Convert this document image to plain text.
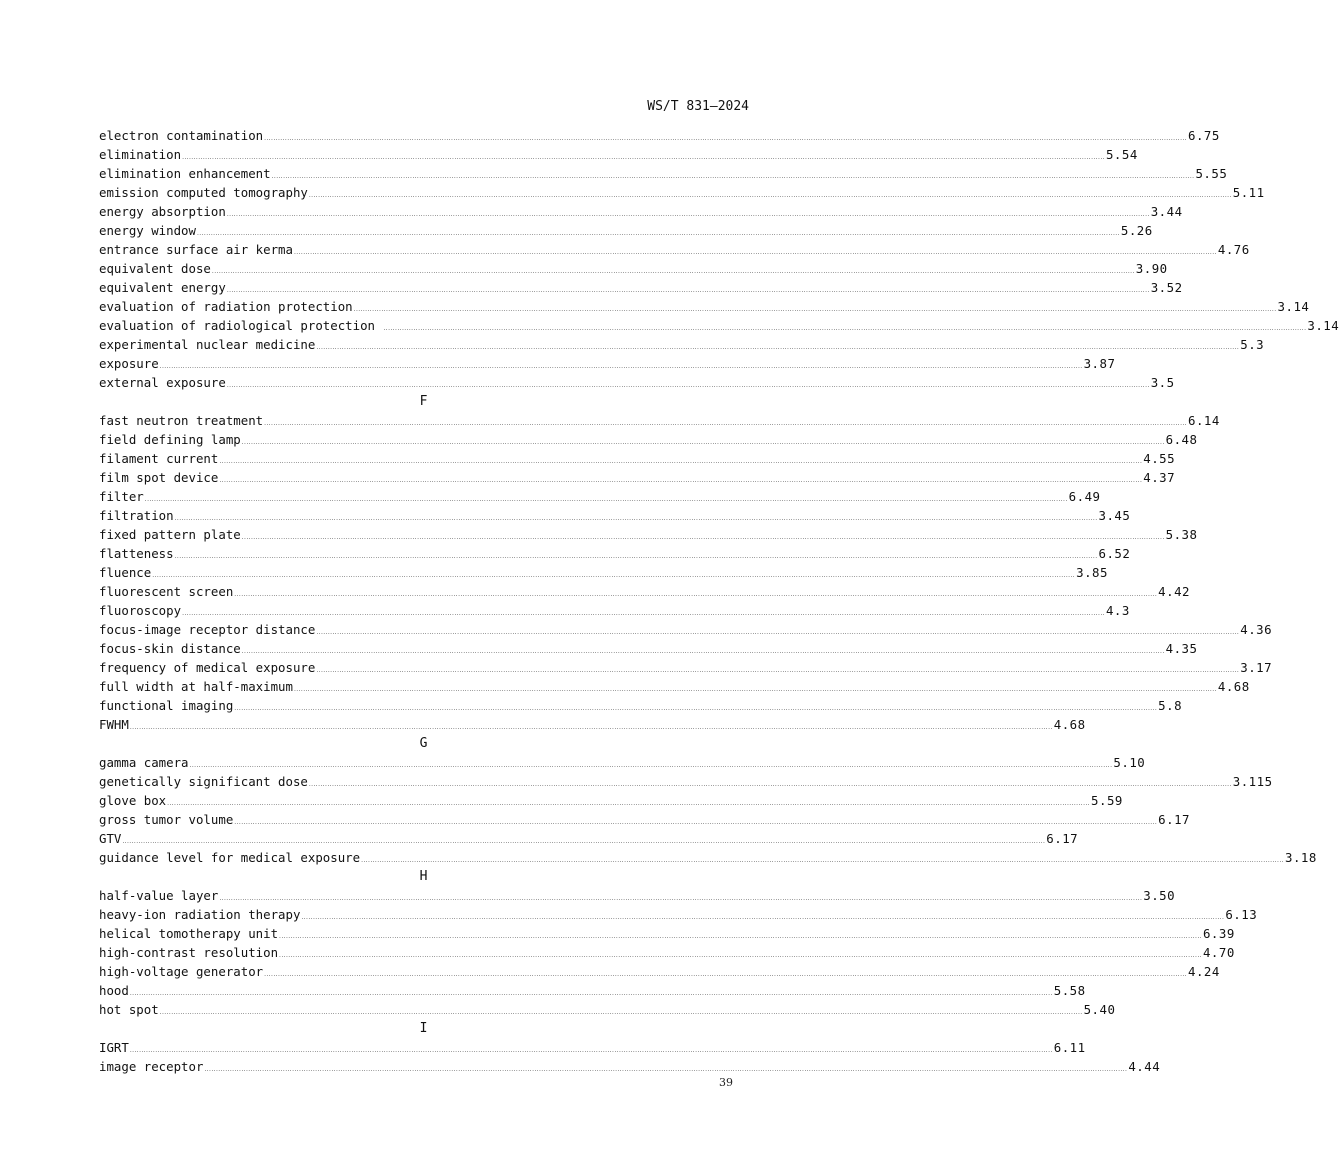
WS/T 831—2024
electron contamination ................................................................................................................................................................................................................................................................................................................................................................................................................ 6.75
elimination ................................................................................................................................................................................................................................................................................................................................................................................................................ 5.54
elimination enhancement ................................................................................................................................................................................................................................................................................................................................................................................................................ 5.55
emission computed tomography ................................................................................................................................................................................................................................................................................................................................................................................................................ 5.11
energy absorption ................................................................................................................................................................................................................................................................................................................................................................................................................ 3.44
energy window ................................................................................................................................................................................................................................................................................................................................................................................................................ 5.26
entrance surface air kerma ................................................................................................................................................................................................................................................................................................................................................................................................................ 4.76
equivalent dose ................................................................................................................................................................................................................................................................................................................................................................................................................ 3.90
equivalent energy ................................................................................................................................................................................................................................................................................................................................................................................................................ 3.52
evaluation of radiation protection ................................................................................................................................................................................................................................................................................................................................................................................................................ 3.14
evaluation of radiological protection ................................................................................................................................................................................................................................................................................................................................................................................................................ 3.14
experimental nuclear medicine ................................................................................................................................................................................................................................................................................................................................................................................................................ 5.3
exposure ................................................................................................................................................................................................................................................................................................................................................................................................................ 3.87
external exposure ................................................................................................................................................................................................................................................................................................................................................................................................................ 3.5
F
fast neutron treatment ................................................................................................................................................................................................................................................................................................................................................................................................................ 6.14
field defining lamp ................................................................................................................................................................................................................................................................................................................................................................................................................ 6.48
filament current ................................................................................................................................................................................................................................................................................................................................................................................................................ 4.55
film spot device ................................................................................................................................................................................................................................................................................................................................................................................................................ 4.37
filter ................................................................................................................................................................................................................................................................................................................................................................................................................ 6.49
filtration ................................................................................................................................................................................................................................................................................................................................................................................................................ 3.45
fixed pattern plate ................................................................................................................................................................................................................................................................................................................................................................................................................ 5.38
flatteness ................................................................................................................................................................................................................................................................................................................................................................................................................ 6.52
fluence ................................................................................................................................................................................................................................................................................................................................................................................................................ 3.85
fluorescent screen ................................................................................................................................................................................................................................................................................................................................................................................................................ 4.42
fluoroscopy ................................................................................................................................................................................................................................................................................................................................................................................................................ 4.3
focus-image receptor distance ................................................................................................................................................................................................................................................................................................................................................................................................................ 4.36
focus-skin distance ................................................................................................................................................................................................................................................................................................................................................................................................................ 4.35
frequency of medical exposure ................................................................................................................................................................................................................................................................................................................................................................................................................ 3.17
full width at half-maximum ................................................................................................................................................................................................................................................................................................................................................................................................................ 4.68
functional imaging ................................................................................................................................................................................................................................................................................................................................................................................................................ 5.8
FWHM ................................................................................................................................................................................................................................................................................................................................................................................................................ 4.68
G
gamma camera ................................................................................................................................................................................................................................................................................................................................................................................................................ 5.10
genetically significant dose ................................................................................................................................................................................................................................................................................................................................................................................................................ 3.115
glove box ................................................................................................................................................................................................................................................................................................................................................................................................................ 5.59
gross tumor volume ................................................................................................................................................................................................................................................................................................................................................................................................................ 6.17
GTV ................................................................................................................................................................................................................................................................................................................................................................................................................ 6.17
guidance level for medical exposure ................................................................................................................................................................................................................................................................................................................................................................................................................ 3.18
H
half-value layer ................................................................................................................................................................................................................................................................................................................................................................................................................ 3.50
heavy-ion radiation therapy ................................................................................................................................................................................................................................................................................................................................................................................................................ 6.13
helical tomotherapy unit ................................................................................................................................................................................................................................................................................................................................................................................................................ 6.39
high-contrast resolution ................................................................................................................................................................................................................................................................................................................................................................................................................ 4.70
high-voltage generator ................................................................................................................................................................................................................................................................................................................................................................................................................ 4.24
hood ................................................................................................................................................................................................................................................................................................................................................................................................................ 5.58
hot spot ................................................................................................................................................................................................................................................................................................................................................................................................................ 5.40
I
IGRT ................................................................................................................................................................................................................................................................................................................................................................................................................ 6.11
image receptor ................................................................................................................................................................................................................................................................................................................................................................................................................ 4.44
39
